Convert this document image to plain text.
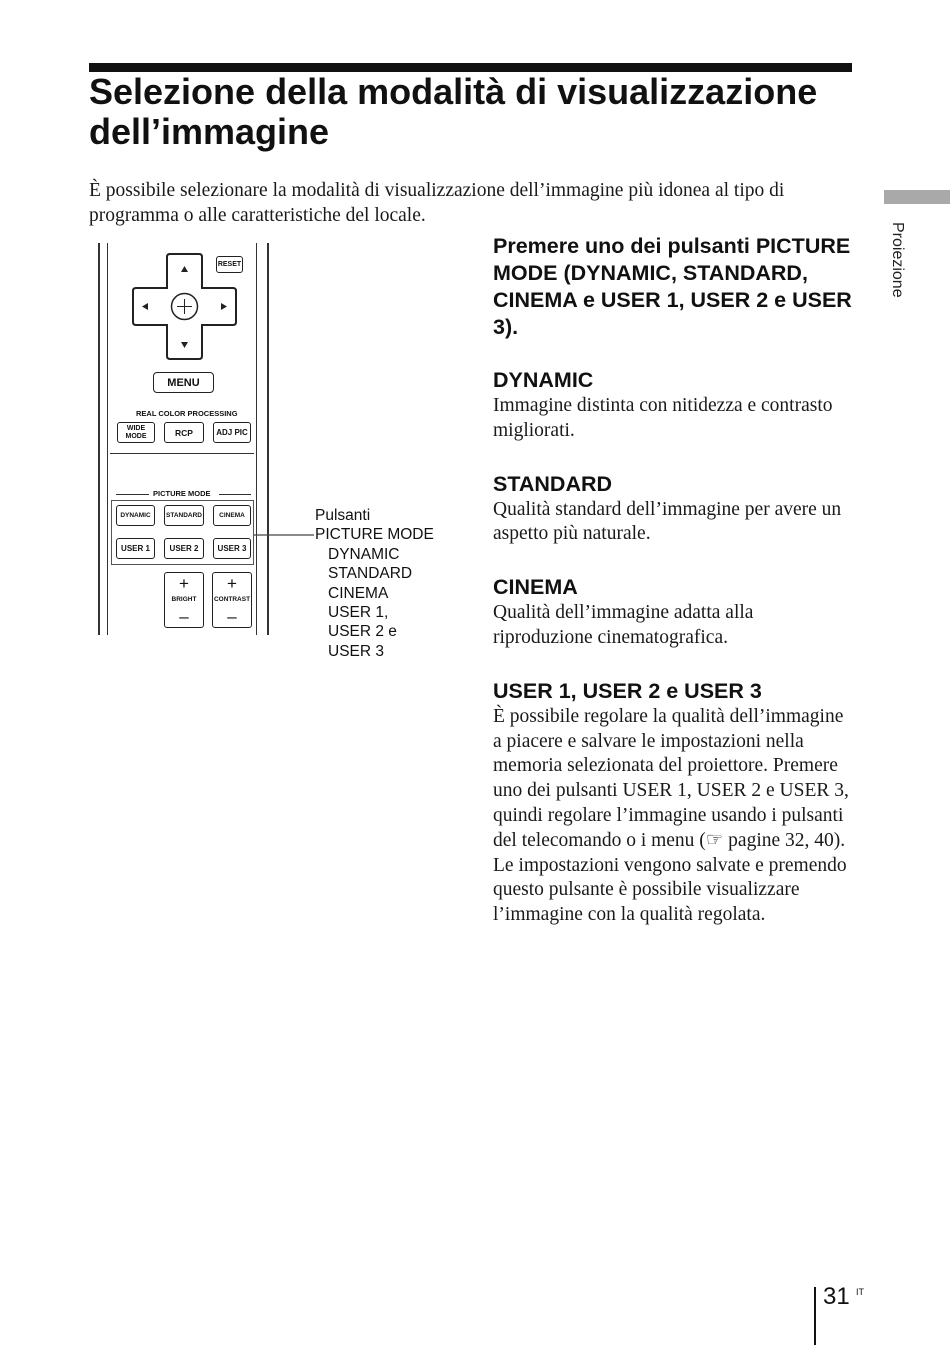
Selezione della modalità di visualizzazione dell’immagine

È possibile selezionare la modalità di visualizzazione dell’immagine più idonea al tipo di programma o alle caratteristiche del locale.

Proiezione
RESET
MENU
REAL COLOR PROCESSING
WIDE
MODE	RCP	ADJ PIC
PICTURE MODE
DYNAMIC	STANDARD	CINEMA
USER 1	USER 2	USER 3
+
BRIGHT
–
+
CONTRAST
–
Pulsanti
PICTURE MODE
DYNAMIC
STANDARD
CINEMA
USER 1,
USER 2 e
USER 3
Premere uno dei pulsanti PICTURE MODE (DYNAMIC, STANDARD, CINEMA e USER 1, USER 2 e USER 3).
DYNAMIC

Immagine distinta con nitidezza e contrasto migliorati.

STANDARD

Qualità standard dell’immagine per avere un aspetto più naturale.

CINEMA

Qualità dell’immagine adatta alla riproduzione cinematografica.

USER 1, USER 2 e USER 3

È possibile regolare la qualità dell’immagine a piacere e salvare le impostazioni nella memoria selezionata del proiettore. Premere uno dei pulsanti USER 1, USER 2 e USER 3, quindi regolare l’immagine usando i pulsanti del telecomando o i menu (☞ pagine 32, 40). Le impostazioni vengono salvate e premendo questo pulsante è possibile visualizzare l’immagine con la qualità regolata.

31 IT
